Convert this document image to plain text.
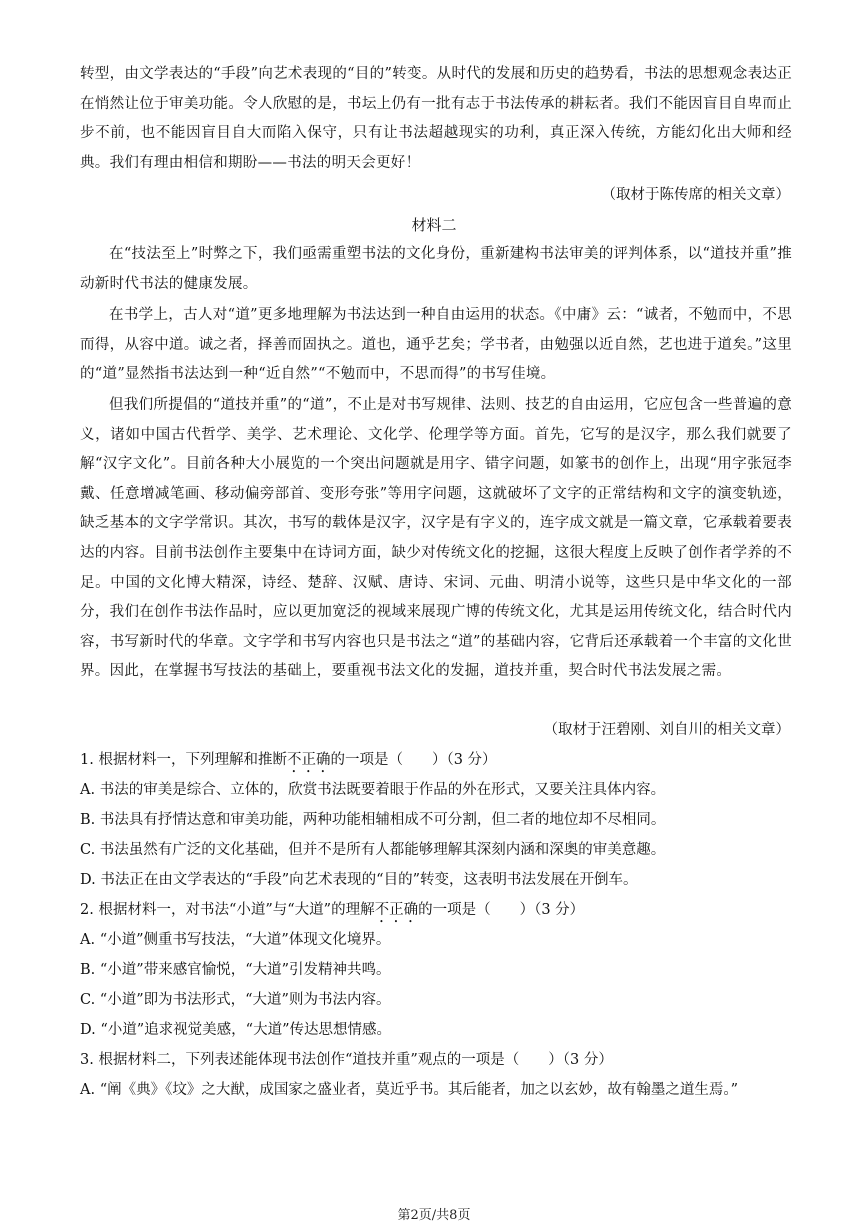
转型，由文学表达的“手段”向艺术表现的“目的”转变。从时代的发展和历史的趋势看，书法的思想观念表达正在悄然让位于审美功能。令人欣慰的是，书坛上仍有一批有志于书法传承的耕耘者。我们不能因盲目自卑而止步不前，也不能因盲目自大而陷入保守，只有让书法超越现实的功利，真正深入传统，方能幻化出大师和经典。我们有理由相信和期盼——书法的明天会更好！

（取材于陈传席的相关文章）

材料二

在“技法至上”时弊之下，我们亟需重塑书法的文化身份，重新建构书法审美的评判体系，以“道技并重”推动新时代书法的健康发展。

在书学上，古人对“道”更多地理解为书法达到一种自由运用的状态。《中庸》云：“诚者，不勉而中，不思而得，从容中道。诚之者，择善而固执之。道也，通乎艺矣；学书者，由勉强以近自然，艺也进于道矣。”这里的“道”显然指书法达到一种“近自然”“不勉而中，不思而得”的书写佳境。

但我们所提倡的“道技并重”的“道”，不止是对书写规律、法则、技艺的自由运用，它应包含一些普遍的意义，诸如中国古代哲学、美学、艺术理论、文化学、伦理学等方面。首先，它写的是汉字，那么我们就要了解“汉字文化”。目前各种大小展览的一个突出问题就是用字、错字问题，如篆书的创作上，出现“用字张冠李戴、任意增减笔画、移动偏旁部首、变形夸张”等用字问题，这就破坏了文字的正常结构和文字的演变轨迹，缺乏基本的文字学常识。其次，书写的载体是汉字，汉字是有字义的，连字成文就是一篇文章，它承载着要表达的内容。目前书法创作主要集中在诗词方面，缺少对传统文化的挖掘，这很大程度上反映了创作者学养的不足。中国的文化博大精深，诗经、楚辞、汉赋、唐诗、宋词、元曲、明清小说等，这些只是中华文化的一部分，我们在创作书法作品时，应以更加宽泛的视域来展现广博的传统文化，尤其是运用传统文化，结合时代内容，书写新时代的华章。文字学和书写内容也只是书法之“道”的基础内容，它背后还承载着一个丰富的文化世界。因此，在掌握书写技法的基础上，要重视书法文化的发掘，道技并重，契合时代书法发展之需。

（取材于汪碧刚、刘自川的相关文章）

1. 根据材料一，下列理解和推断不正确的一项是（　　）（3 分）

A. 书法的审美是综合、立体的，欣赏书法既要着眼于作品的外在形式，又要关注具体内容。

B. 书法具有抒情达意和审美功能，两种功能相辅相成不可分割，但二者的地位却不尽相同。

C. 书法虽然有广泛的文化基础，但并不是所有人都能够理解其深刻内涵和深奥的审美意趣。

D. 书法正在由文学表达的“手段”向艺术表现的“目的”转变，这表明书法发展在开倒车。

2. 根据材料一，对书法“小道”与“大道”的理解不正确的一项是（　　）（3 分）

A. “小道”侧重书写技法，“大道”体现文化境界。

B. “小道”带来感官愉悦，“大道”引发精神共鸣。

C. “小道”即为书法形式，“大道”则为书法内容。

D. “小道”追求视觉美感，“大道”传达思想情感。

3. 根据材料二，下列表述能体现书法创作“道技并重”观点的一项是（　　）（3 分）

A. “阐《典》《坟》之大猷，成国家之盛业者，莫近乎书。其后能者，加之以玄妙，故有翰墨之道生焉。”

第2页/共8页
